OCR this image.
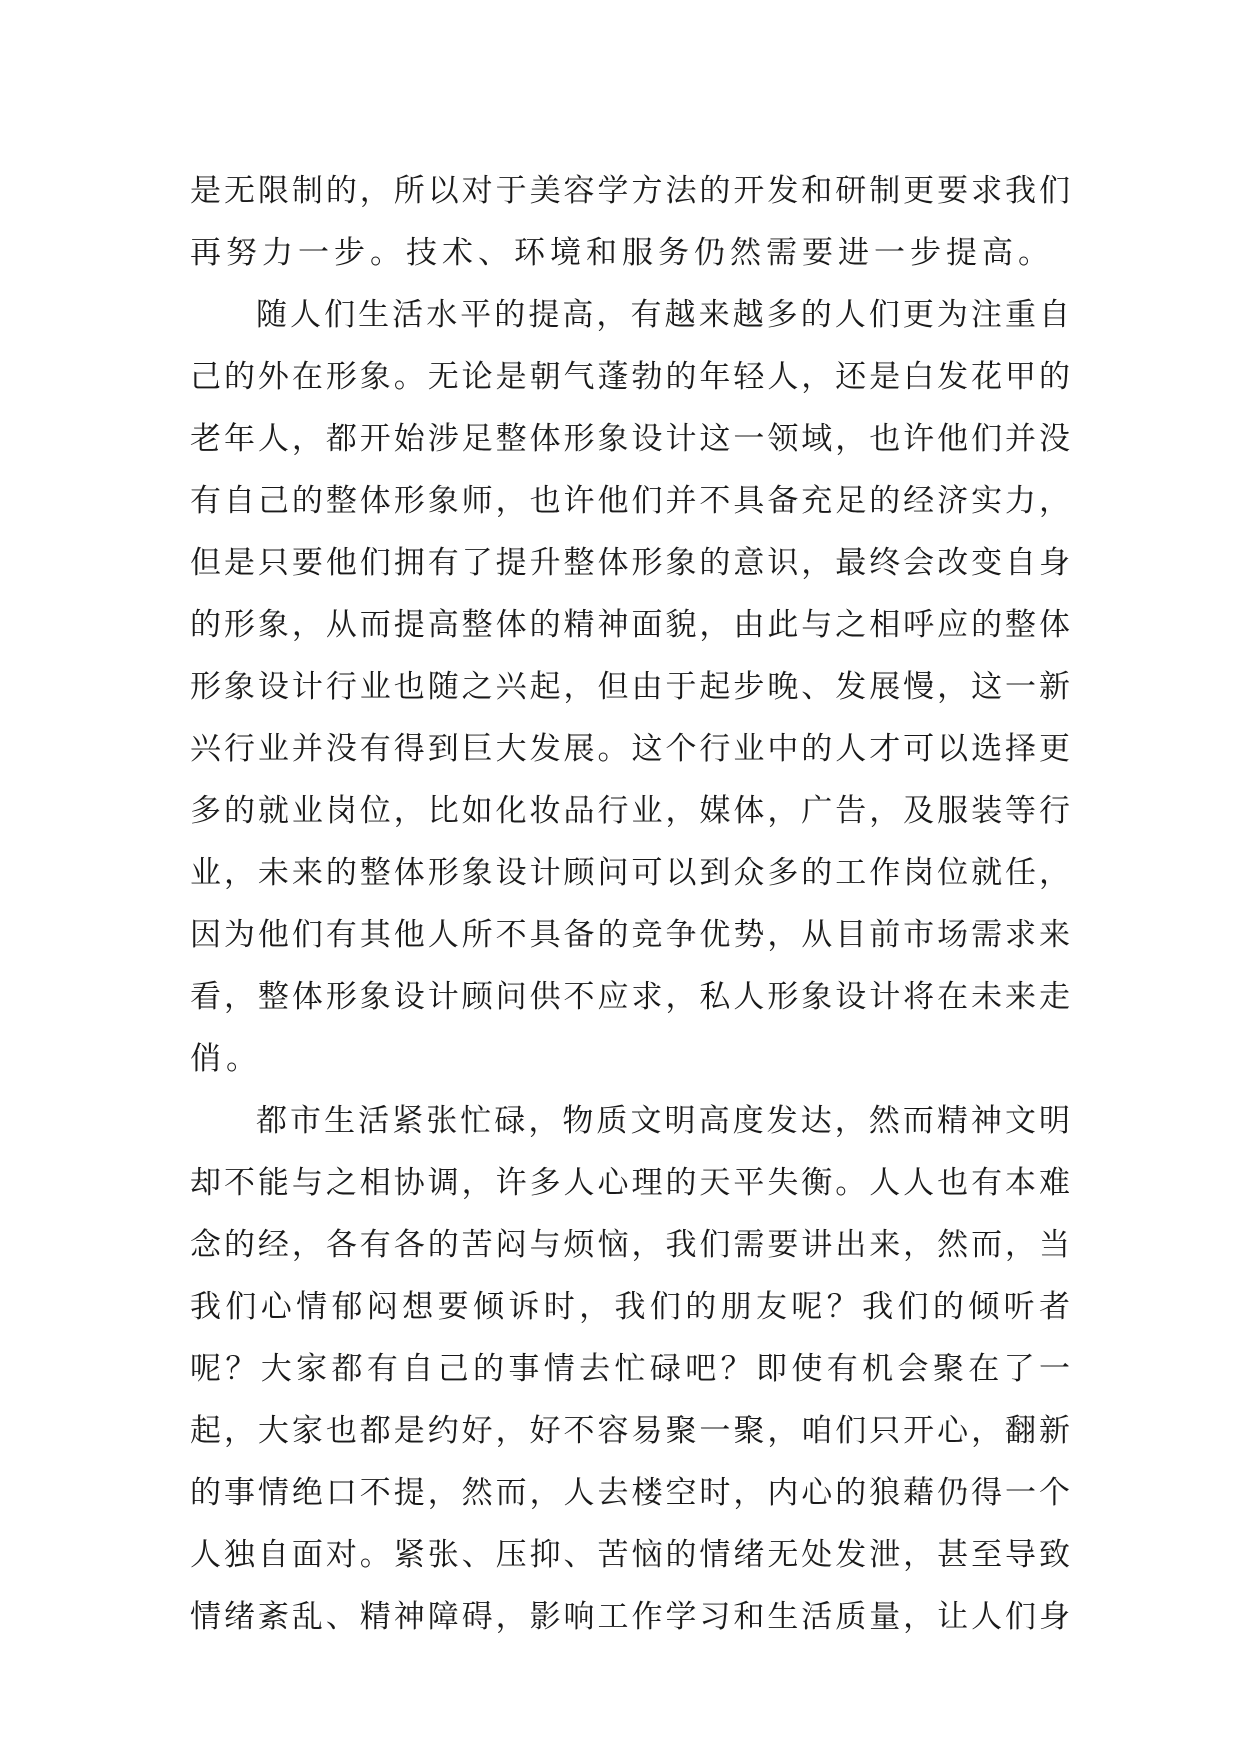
是无限制的，所以对于美容学方法的开发和研制更要求我们
再努力一步。技术、环境和服务仍然需要进一步提高。
随人们生活水平的提高，有越来越多的人们更为注重自
己的外在形象。无论是朝气蓬勃的年轻人，还是白发花甲的
老年人，都开始涉足整体形象设计这一领域，也许他们并没
有自己的整体形象师，也许他们并不具备充足的经济实力，
但是只要他们拥有了提升整体形象的意识，最终会改变自身
的形象，从而提高整体的精神面貌，由此与之相呼应的整体
形象设计行业也随之兴起，但由于起步晚、发展慢，这一新
兴行业并没有得到巨大发展。这个行业中的人才可以选择更
多的就业岗位，比如化妆品行业，媒体，广告，及服装等行
业，未来的整体形象设计顾问可以到众多的工作岗位就任，
因为他们有其他人所不具备的竞争优势，从目前市场需求来
看，整体形象设计顾问供不应求，私人形象设计将在未来走
俏。
都市生活紧张忙碌，物质文明高度发达，然而精神文明
却不能与之相协调，许多人心理的天平失衡。人人也有本难
念的经，各有各的苦闷与烦恼，我们需要讲出来，然而，当
我们心情郁闷想要倾诉时，我们的朋友呢？我们的倾听者
呢？大家都有自己的事情去忙碌吧？即使有机会聚在了一
起，大家也都是约好，好不容易聚一聚，咱们只开心，翻新
的事情绝口不提，然而，人去楼空时，内心的狼藉仍得一个
人独自面对。紧张、压抑、苦恼的情绪无处发泄，甚至导致
情绪紊乱、精神障碍，影响工作学习和生活质量，让人们身
